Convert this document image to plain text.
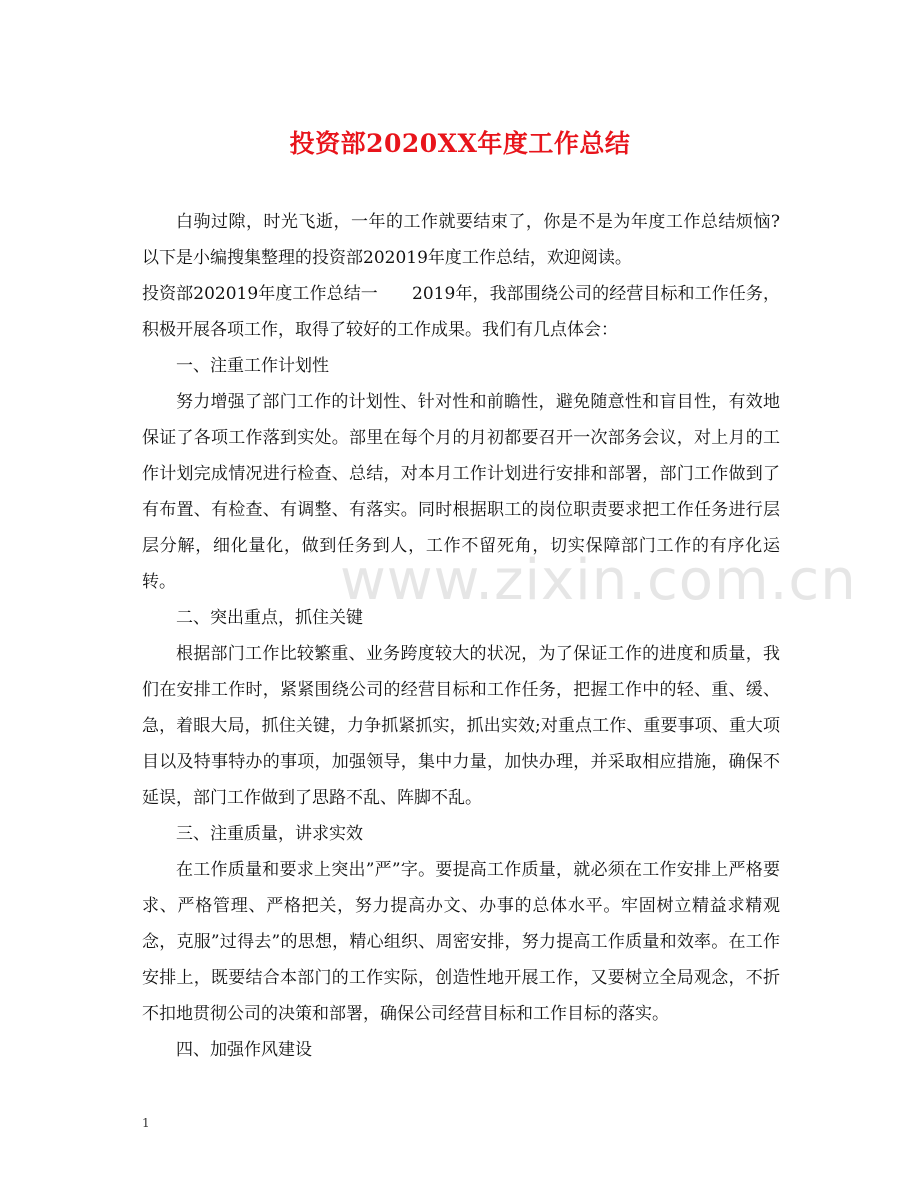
www.zixin.com.cn
投资部2020XX年度工作总结

白驹过隙，时光飞逝，一年的工作就要结束了，你是不是为年度工作总结烦恼?以下是小编搜集整理的投资部202019年度工作总结，欢迎阅读。

投资部202019年度工作总结一　　2019年，我部围绕公司的经营目标和工作任务，积极开展各项工作，取得了较好的工作成果。我们有几点体会：

一、注重工作计划性

努力增强了部门工作的计划性、针对性和前瞻性，避免随意性和盲目性，有效地保证了各项工作落到实处。部里在每个月的月初都要召开一次部务会议，对上月的工作计划完成情况进行检查、总结，对本月工作计划进行安排和部署，部门工作做到了有布置、有检查、有调整、有落实。同时根据职工的岗位职责要求把工作任务进行层层分解，细化量化，做到任务到人，工作不留死角，切实保障部门工作的有序化运转。

二、突出重点，抓住关键

根据部门工作比较繁重、业务跨度较大的状况，为了保证工作的进度和质量，我们在安排工作时，紧紧围绕公司的经营目标和工作任务，把握工作中的轻、重、缓、急，着眼大局，抓住关键，力争抓紧抓实，抓出实效;对重点工作、重要事项、重大项目以及特事特办的事项，加强领导，集中力量，加快办理，并采取相应措施，确保不延误，部门工作做到了思路不乱、阵脚不乱。

三、注重质量，讲求实效

在工作质量和要求上突出”严”字。要提高工作质量，就必须在工作安排上严格要求、严格管理、严格把关，努力提高办文、办事的总体水平。牢固树立精益求精观念，克服”过得去”的思想，精心组织、周密安排，努力提高工作质量和效率。在工作安排上，既要结合本部门的工作实际，创造性地开展工作，又要树立全局观念，不折不扣地贯彻公司的决策和部署，确保公司经营目标和工作目标的落实。

四、加强作风建设

1
